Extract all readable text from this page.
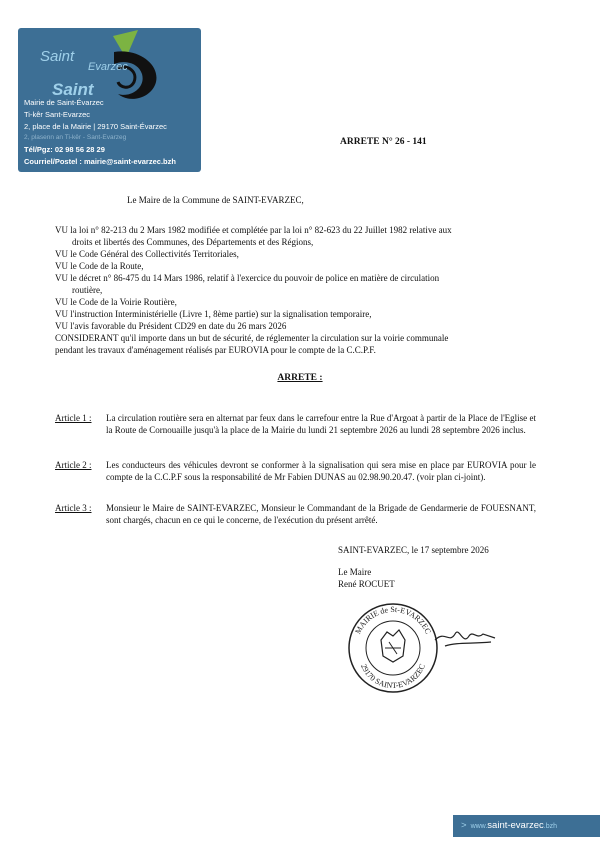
Saint
Evarzec
Saint
Mairie de Saint-Évarzec
Ti-kêr Sant-Evarzec
2, place de la Mairie | 29170 Saint-Évarzec
2, plasenn an Ti-kêr - Sant-Evarzeg
Tél/Pgz: 02 98 56 28 29
Courriel/Postel : mairie@saint-evarzec.bzh
ARRETE N° 26 - 141
Le Maire de la Commune de SAINT-EVARZEC,
VU la loi n° 82-213 du 2 Mars 1982 modifiée et complétée par la loi n° 82-623 du 22 Juillet 1982 relative aux
droits et libertés des Communes, des Départements et des Régions,
VU le Code Général des Collectivités Territoriales,
VU le Code de la Route,
VU le décret n° 86-475 du 14 Mars 1986, relatif à l'exercice du pouvoir de police en matière de circulation
routière,
VU le Code de la Voirie Routière,
VU l'instruction Interministérielle (Livre 1, 8ème partie) sur la signalisation temporaire,
VU l'avis favorable du Président CD29 en date du 26 mars 2026
CONSIDERANT qu'il importe dans un but de sécurité, de réglementer la circulation sur la voirie communale
pendant les travaux d'aménagement réalisés par EUROVIA pour le compte de la C.C.P.F.
ARRETE :
Article 1 : La circulation routière sera en alternat par feux dans le carrefour entre la Rue d'Argoat à partir de la Place de l'Eglise et la Route de Cornouaille jusqu'à la place de la Mairie du lundi 21 septembre 2026 au lundi 28 septembre 2026 inclus.
Article 2 : Les conducteurs des véhicules devront se conformer à la signalisation qui sera mise en place par EUROVIA pour le compte de la C.C.P.F sous la responsabilité de Mr Fabien DUNAS au 02.98.90.20.47. (voir plan ci-joint).
Article 3 : Monsieur le Maire de SAINT-EVARZEC, Monsieur le Commandant de la Brigade de Gendarmerie de FOUESNANT, sont chargés, chacun en ce qui le concerne, de l'exécution du présent arrêté.
SAINT-EVARZEC, le 17 septembre 2026
Le Maire
René ROCUET
MAIRIE de St-EVARZEC
29170 SAINT-EVARZEC
> www.saint-evarzec.bzh
